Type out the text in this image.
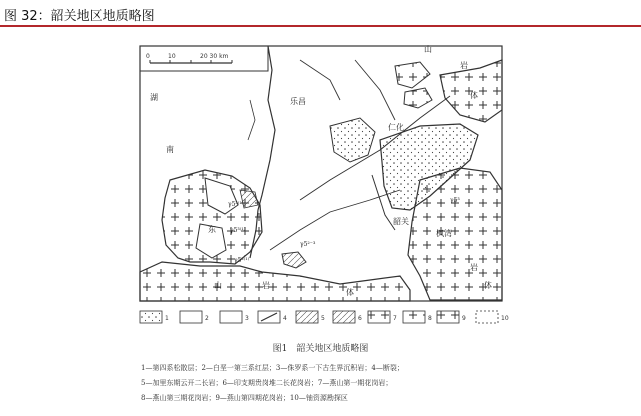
图 32：韶关地区地质略图
0	10	20 30 km
湖
南
岩
体
山
乐昌
仁化
韶关
枫湾
东
山	岩
体
岩
体
γ5³⁽¹⁾
γ5³⁽¹⁾
γ5²⁽¹⁾
γ5³
γ5²⁻³
1	2	3	4	5	6	7	8	9	10
图1　韶关地区地质略图
1—第四系松散层；2—白垩一第三系红层；3—侏罗系一下古生界沉积岩；4—断裂；
5—加里东期云开二长岩；6—印支期贵岗堆二长花岗岩；7—燕山第一期花岗岩；
8—燕山第三期花岗岩；9—燕山第四期花岗岩；10—铀资源勘探区
